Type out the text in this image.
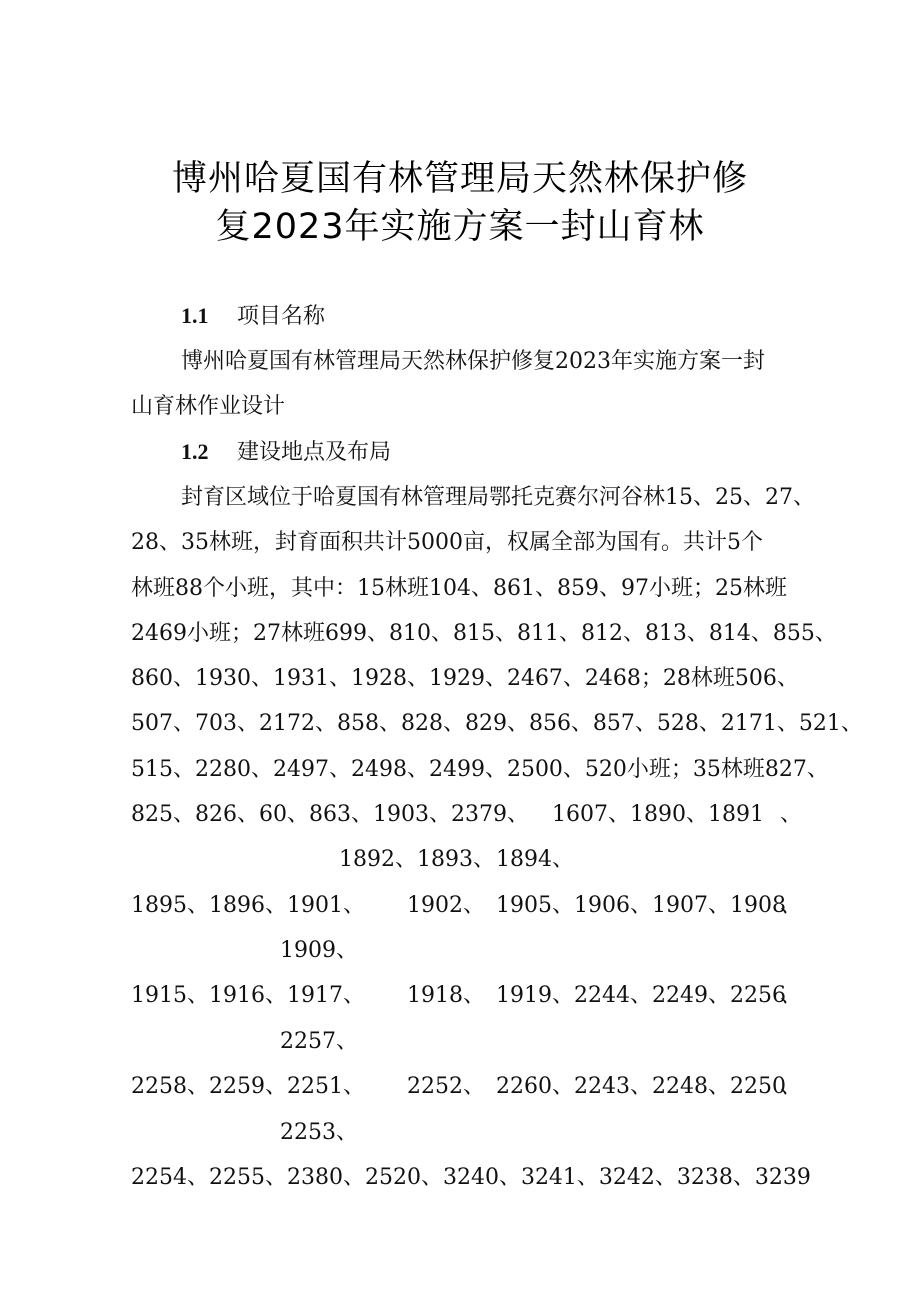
博州哈夏国有林管理局天然林保护修
复2023年实施方案一封山育林
1.1 项目名称
博州哈夏国有林管理局天然林保护修复2023年实施方案一封
山育林作业设计
1.2 建设地点及布局
封育区域位于哈夏国有林管理局鄂托克赛尔河谷林15、25、27、
28、35林班，封育面积共计5000亩，权属全部为国有。共计5个
林班88个小班，其中：15林班104、861、859、97小班；25林班
2469小班；27林班699、810、815、811、812、813、814、855、
860、1930、1931、1928、1929、2467、2468；28林班506、
507、703、2172、858、828、829、856、857、528、2171、521、
515、2280、2497、2498、2499、2500、520小班；35林班827、
825、826、60、863、1903、2379、 1607、1890、1891 、
1892、1893、 1894、
1895、1896、1901、 1902、 1905、1906、1907、1908
、
1909、
1915、1916、1917、 1918、 1919、2244、2249、2256
、
2257、
2258、2259、2251、 2252、 2260、2243、2248、2250
、
2253、
2254、2255、2380、2520、3240、3241、3242、3238、3239
